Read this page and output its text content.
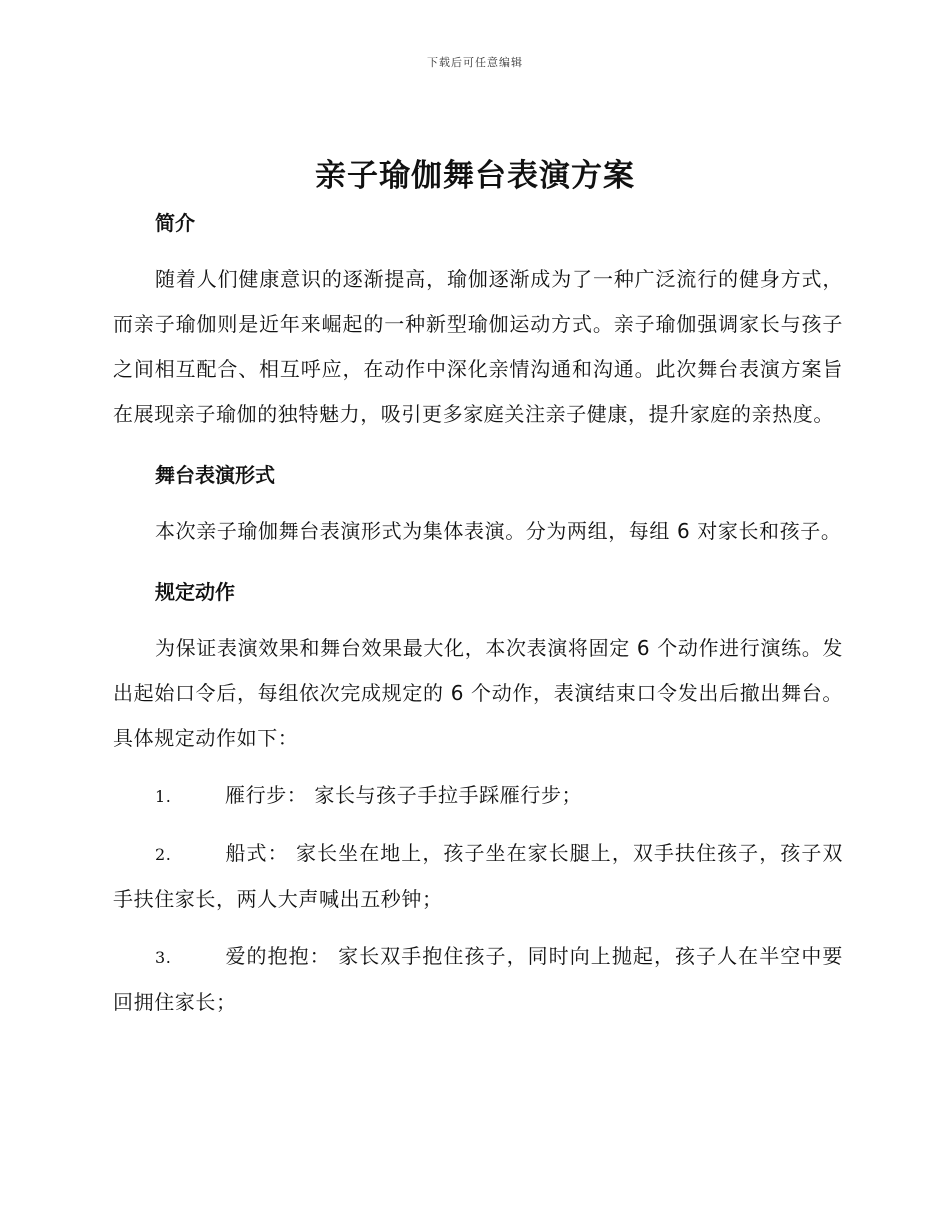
下载后可任意编辑
亲子瑜伽舞台表演方案
简介

随着人们健康意识的逐渐提高，瑜伽逐渐成为了一种广泛流行的健身方式，而亲子瑜伽则是近年来崛起的一种新型瑜伽运动方式。亲子瑜伽强调家长与孩子之间相互配合、相互呼应，在动作中深化亲情沟通和沟通。此次舞台表演方案旨在展现亲子瑜伽的独特魅力，吸引更多家庭关注亲子健康，提升家庭的亲热度。

舞台表演形式

本次亲子瑜伽舞台表演形式为集体表演。分为两组，每组 6 对家长和孩子。

规定动作

为保证表演效果和舞台效果最大化，本次表演将固定 6 个动作进行演练。发出起始口令后，每组依次完成规定的 6 个动作，表演结束口令发出后撤出舞台。具体规定动作如下：

1.	雁行步： 家长与孩子手拉手踩雁行步；

2.	船式： 家长坐在地上，孩子坐在家长腿上，双手扶住孩子，孩子双手扶住家长，两人大声喊出五秒钟；

3.	爱的抱抱： 家长双手抱住孩子，同时向上抛起，孩子人在半空中要回拥住家长；
